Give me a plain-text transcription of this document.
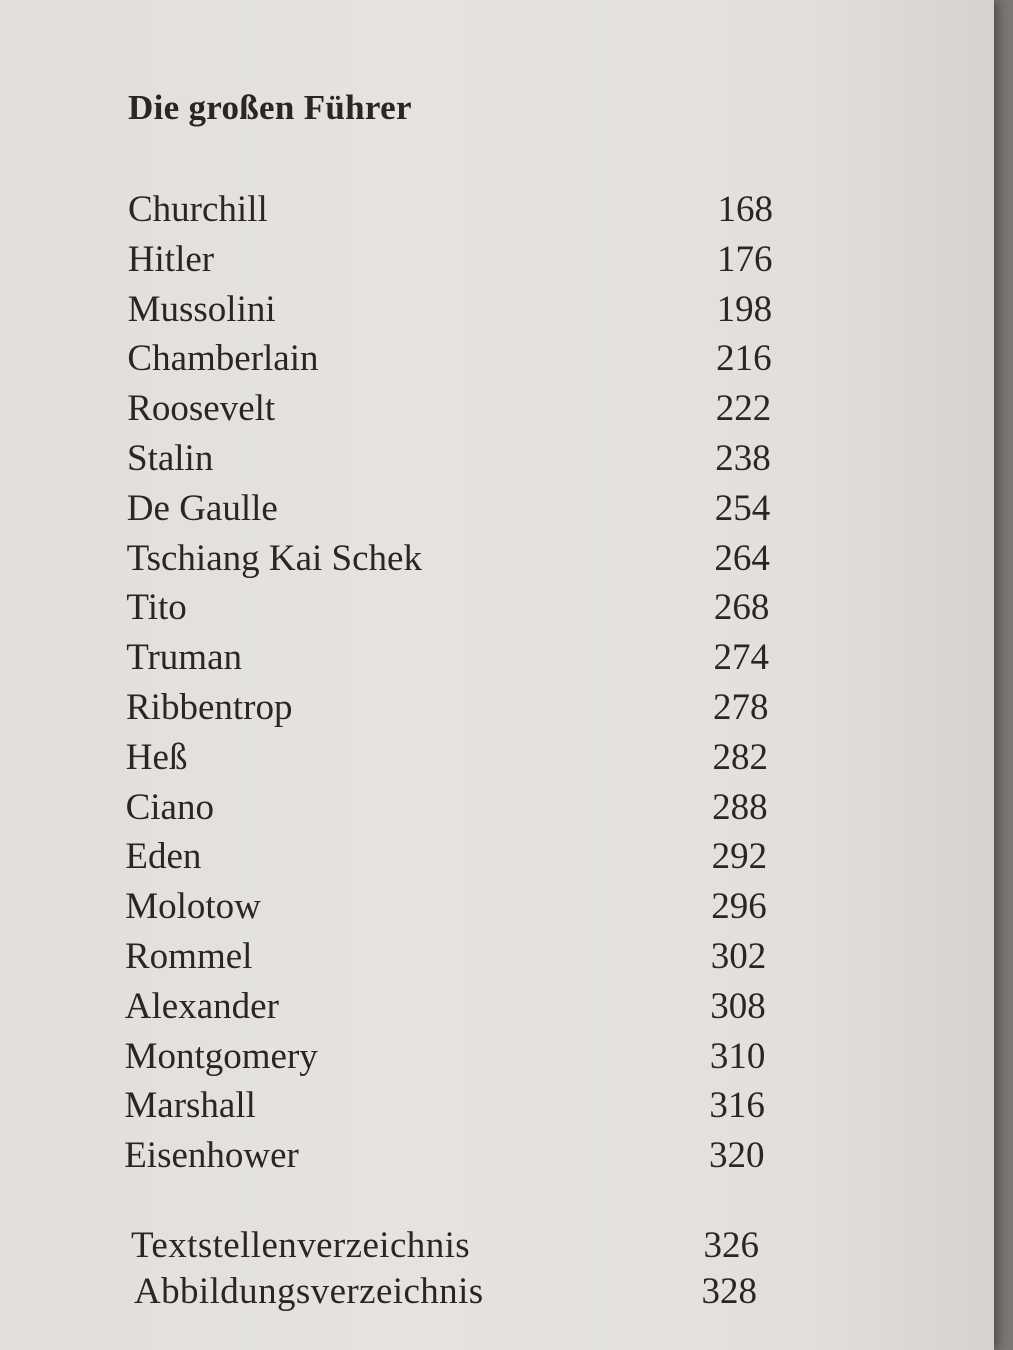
Die großen Führer
Churchill	168
Hitler	176
Mussolini	198
Chamberlain	216
Roosevelt	222
Stalin	238
De Gaulle	254
Tschiang Kai Schek	264
Tito	268
Truman	274
Ribbentrop	278
Heß	282
Ciano	288
Eden	292
Molotow	296
Rommel	302
Alexander	308
Montgomery	310
Marshall	316
Eisenhower	320
Textstellenverzeichnis	326
Abbildungsverzeichnis	328
